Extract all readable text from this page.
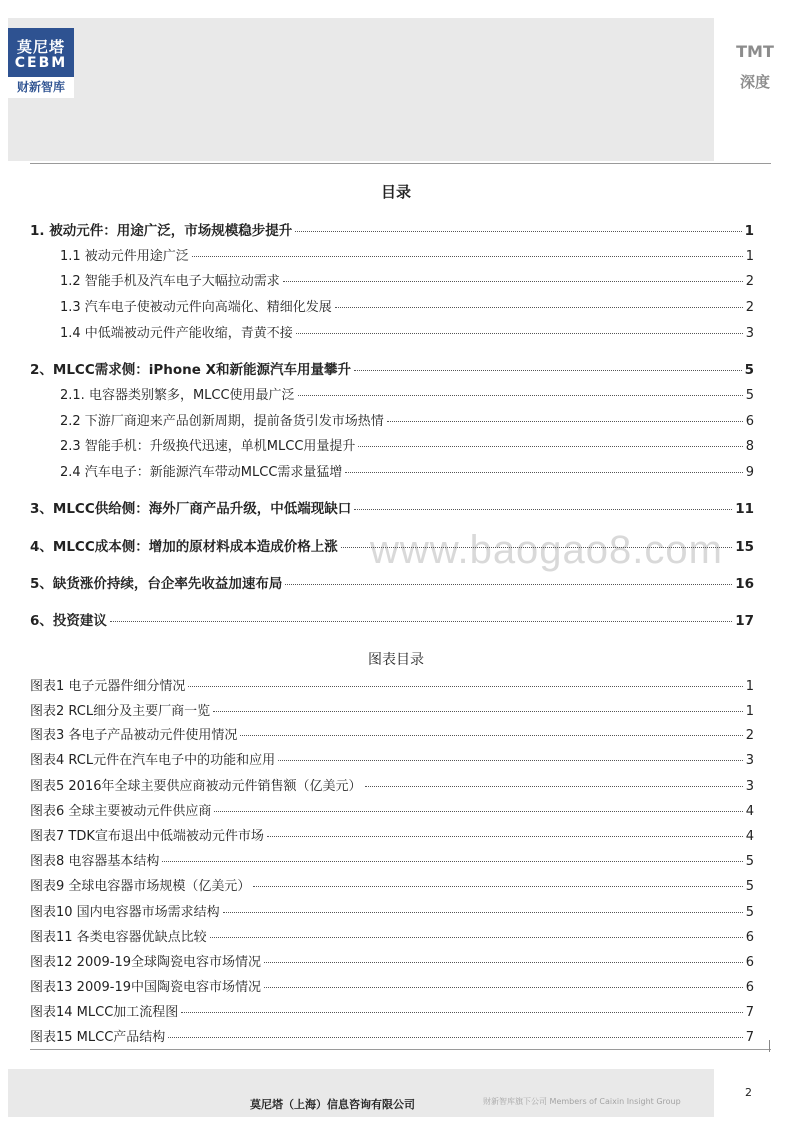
莫尼塔
CEBM
财新智库
TMT
深度
目录
www.baogao8.com
1. 被动元件：用途广泛，市场规模稳步提升	1
1.1 被动元件用途广泛	1
1.2 智能手机及汽车电子大幅拉动需求	2
1.3 汽车电子使被动元件向高端化、精细化发展	2
1.4 中低端被动元件产能收缩，青黄不接	3
2、MLCC需求侧：iPhone X和新能源汽车用量攀升	5
2.1. 电容器类别繁多，MLCC使用最广泛	5
2.2 下游厂商迎来产品创新周期，提前备货引发市场热情	6
2.3 智能手机：升级换代迅速，单机MLCC用量提升	8
2.4 汽车电子：新能源汽车带动MLCC需求量猛增	9
3、MLCC供给侧：海外厂商产品升级，中低端现缺口	11
4、MLCC成本侧：增加的原材料成本造成价格上涨	15
5、缺货涨价持续，台企率先收益加速布局	16
6、投资建议	17
图表目录
图表1 电子元器件细分情况	1
图表2 RCL细分及主要厂商一览	1
图表3 各电子产品被动元件使用情况	2
图表4 RCL元件在汽车电子中的功能和应用	3
图表5 2016年全球主要供应商被动元件销售额（亿美元）	3
图表6 全球主要被动元件供应商	4
图表7 TDK宣布退出中低端被动元件市场	4
图表8 电容器基本结构	5
图表9 全球电容器市场规模（亿美元）	5
图表10 国内电容器市场需求结构	5
图表11 各类电容器优缺点比较	6
图表12 2009-19全球陶瓷电容市场情况	6
图表13 2009-19中国陶瓷电容市场情况	6
图表14 MLCC加工流程图	7
图表15 MLCC产品结构	7
莫尼塔（上海）信息咨询有限公司	财新智库旗下公司 Members of Caixin Insight Group
2
